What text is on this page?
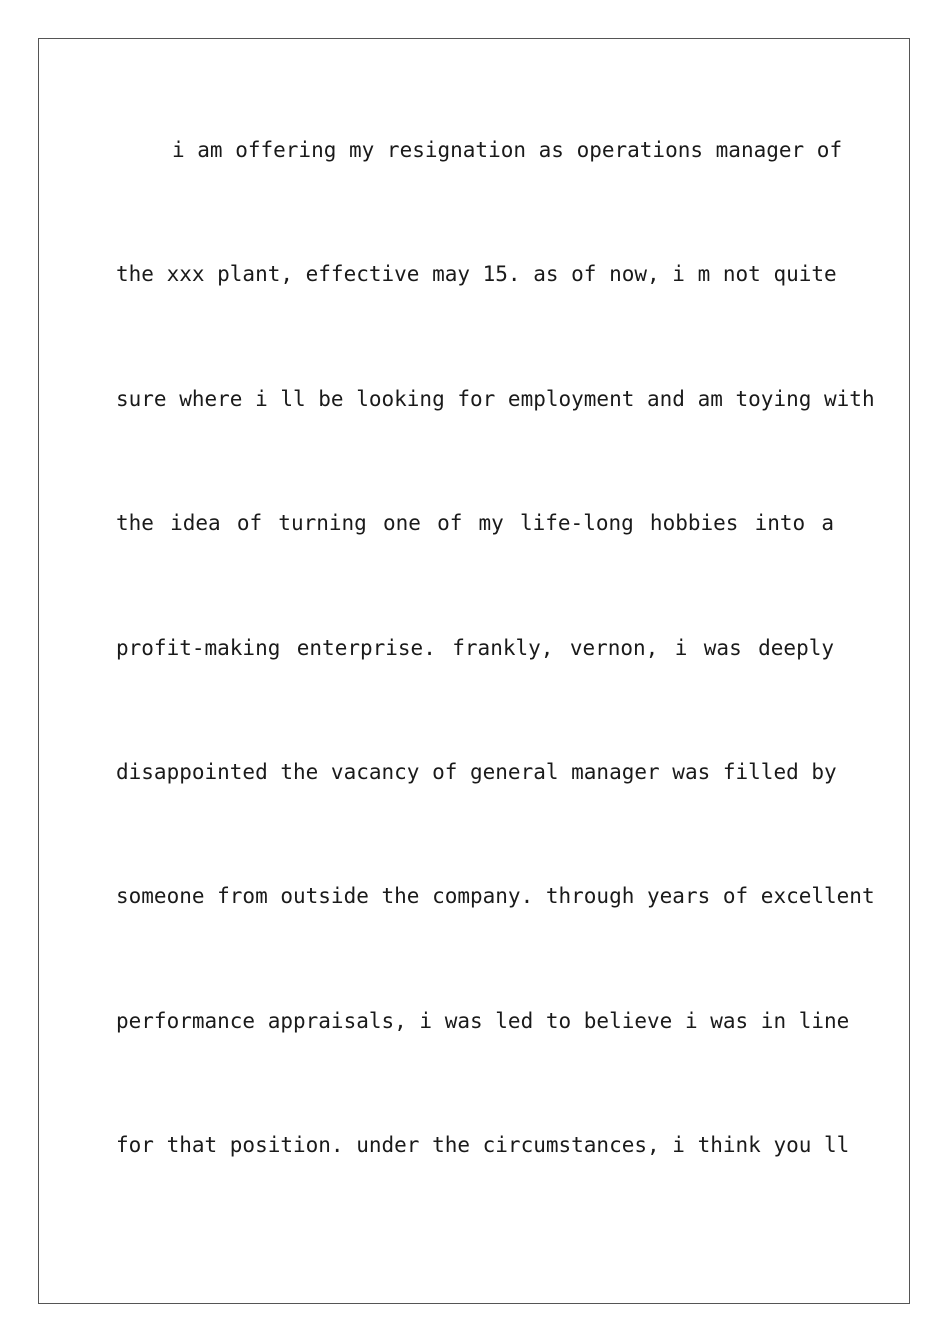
i am offering my resignation as operations manager of
the xxx plant, effective may 15. as of now, i m not quite
sure where i ll be looking for employment and am toying with
the idea of turning one of my life-long hobbies into a
profit-making enterprise. frankly, vernon, i was deeply
disappointed the vacancy of general manager was filled by
someone from outside the company. through years of excellent
performance appraisals, i was led to believe i was in line
for that position. under the circumstances, i think you ll
